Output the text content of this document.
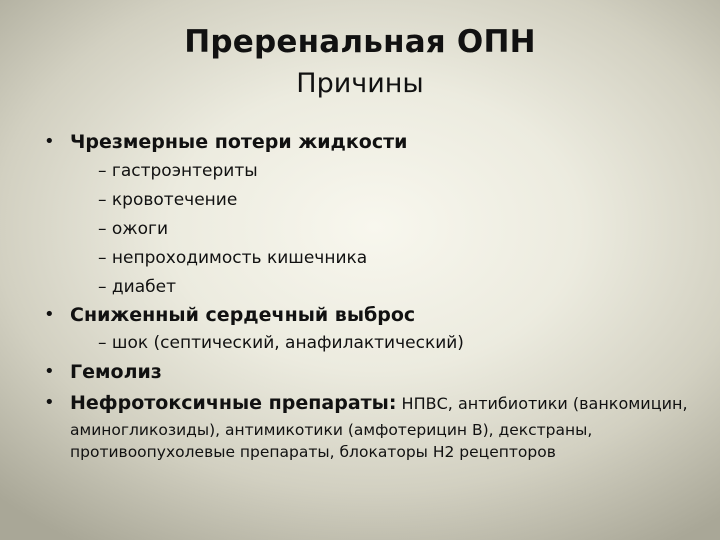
Преренальная ОПН
Причины
• Чрезмерные потери жидкости
– гастроэнтериты
– кровотечение
– ожоги
– непроходимость кишечника
– диабет
• Сниженный сердечный выброс
– шок (септический, анафилактический)
• Гемолиз
• Нефротоксичные препараты: НПВС, антибиотики (ванкомицин,
аминогликозиды), антимикотики (амфотерицин В), декстраны,
противоопухолевые препараты, блокаторы Н2 рецепторов
